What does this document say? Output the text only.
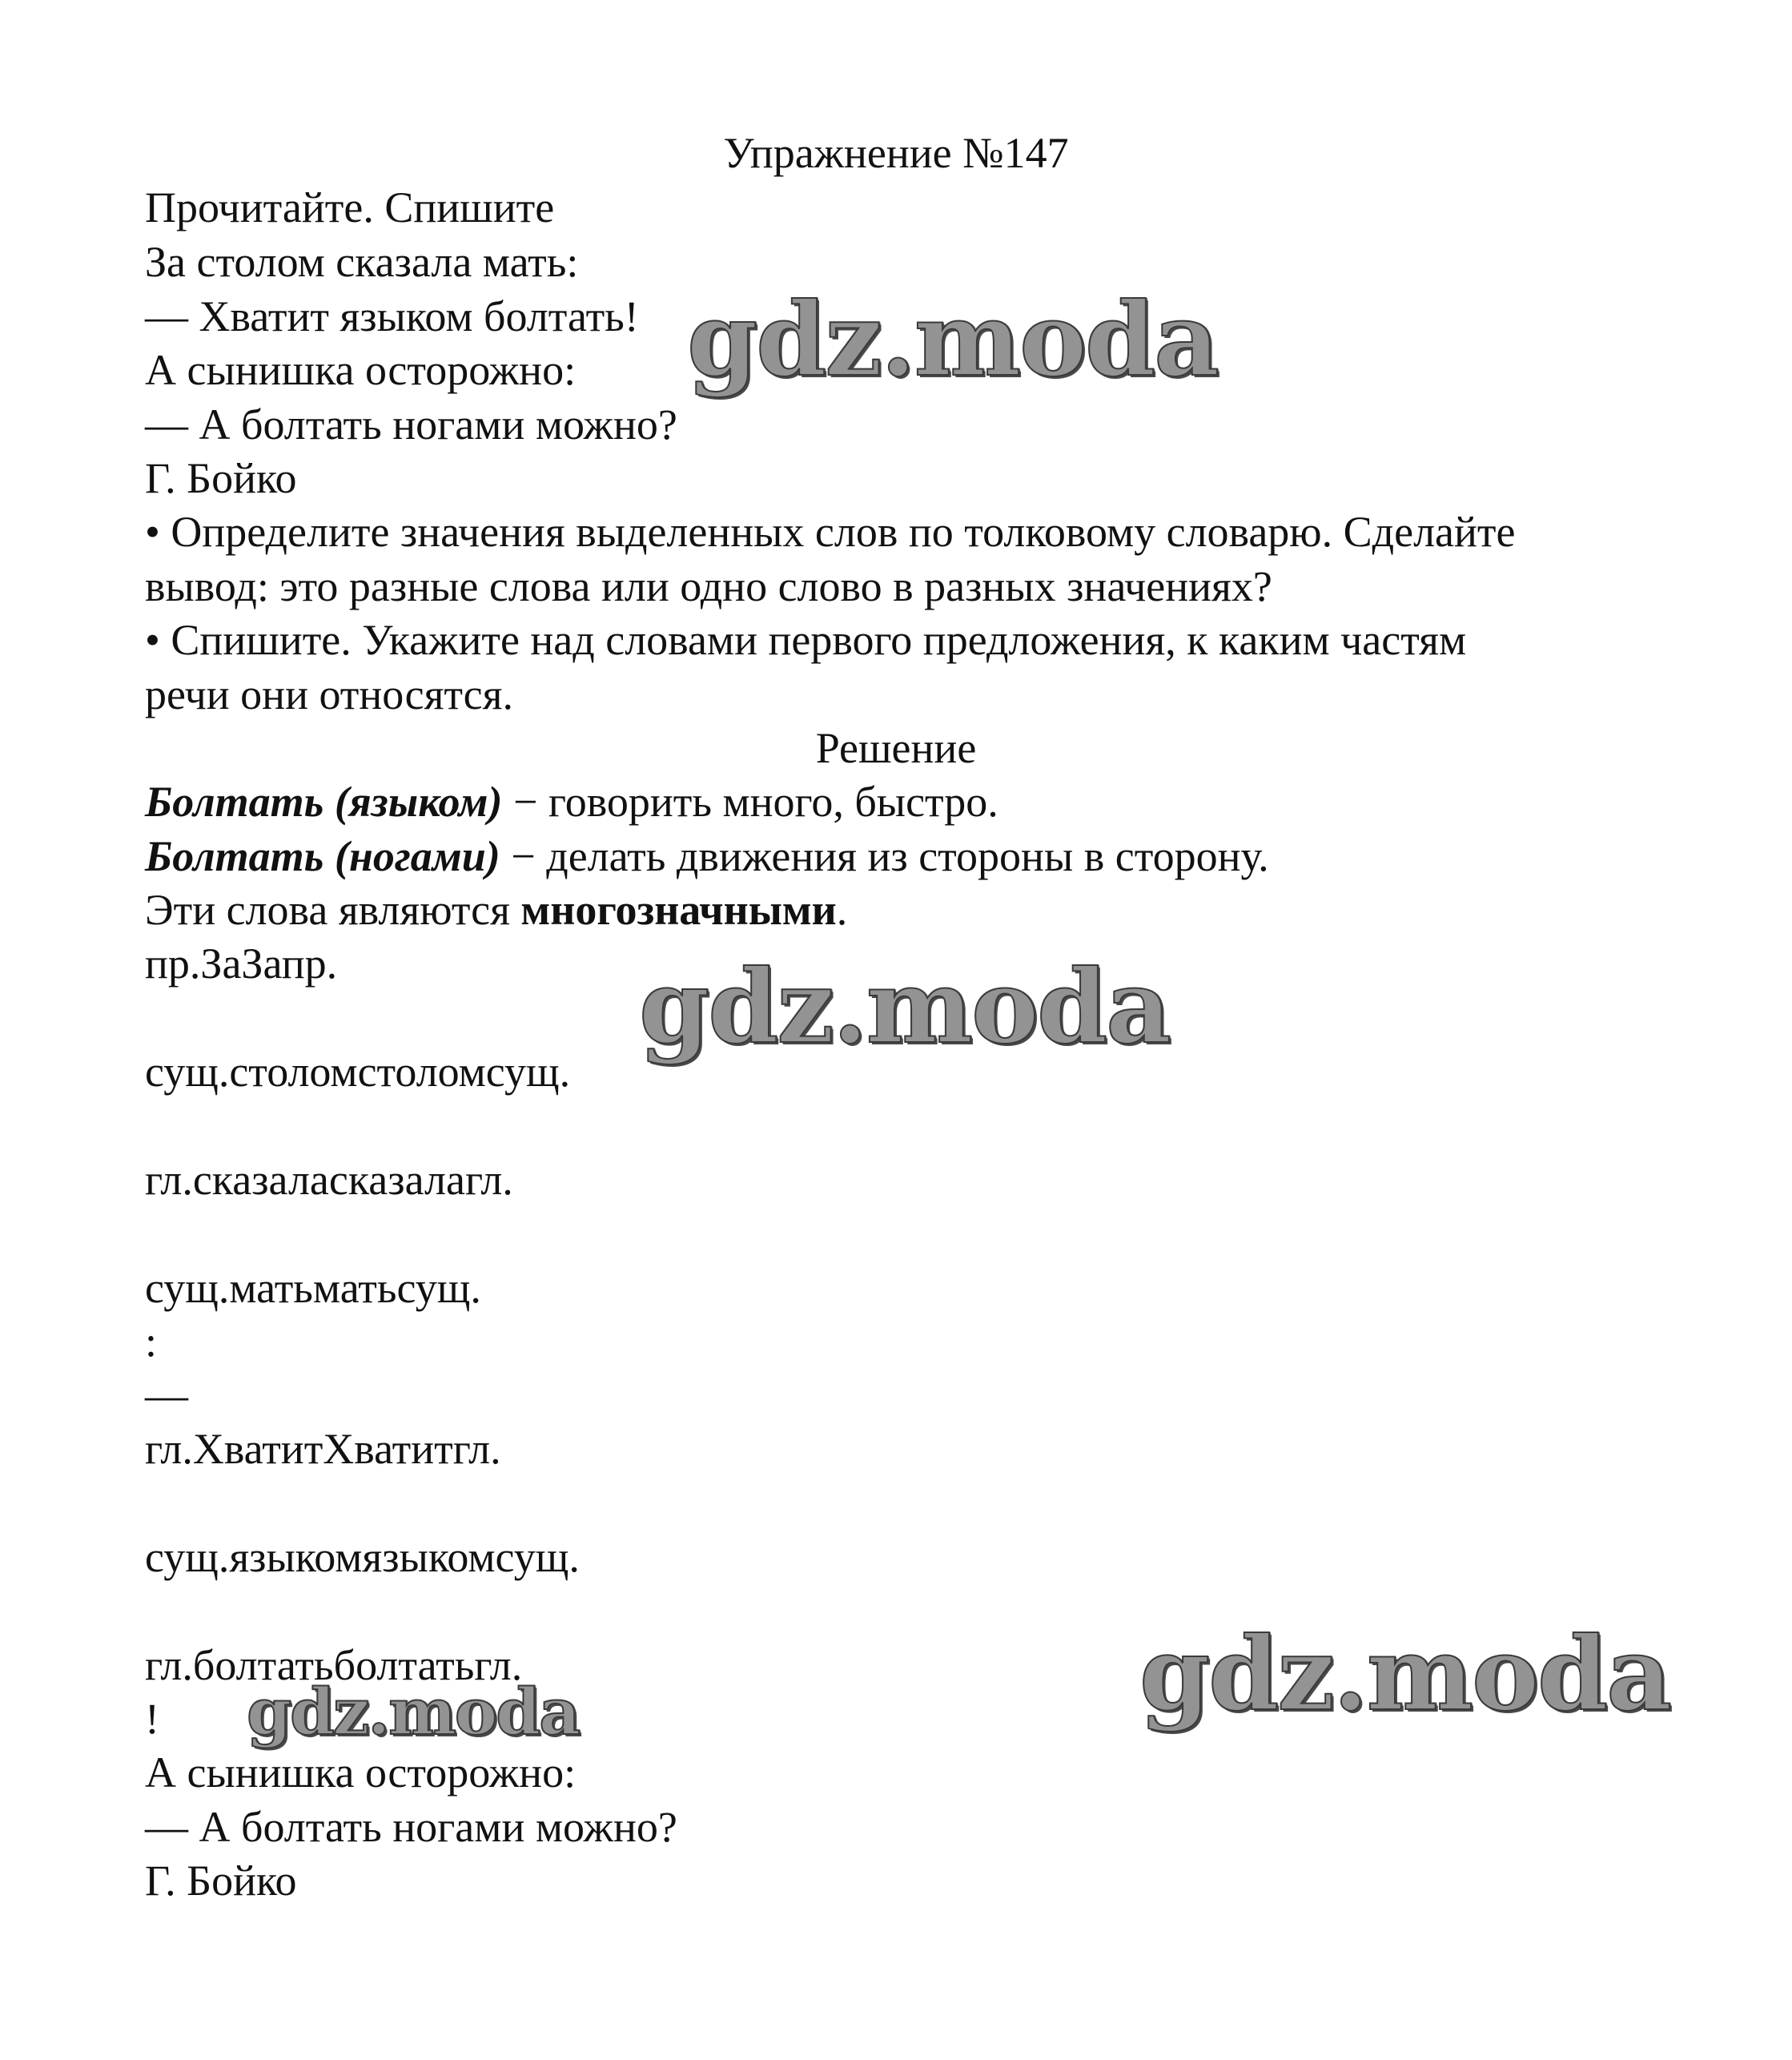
Упражнение №147
Прочитайте. Спишите
За столом сказала мать:
— Хватит языком болтать!
А сынишка осторожно:
— А болтать ногами можно?
Г. Бойко
• Определите значения выделенных слов по толковому словарю. Сделайте
вывод: это разные слова или одно слово в разных значениях?
• Спишите. Укажите над словами первого предложения, к каким частям
речи они относятся.
Решение
Болтать (языком) − говорить много, быстро.
Болтать (ногами) − делать движения из стороны в сторону.
Эти слова являются многозначными.
пр.ЗаЗапр.
сущ.столомстоломсущ.
гл.сказаласказалагл.
сущ.матьматьсущ.
:
—
гл.ХватитХватитгл.
сущ.языкомязыкомсущ.
гл.болтатьболтатьгл.
!
А сынишка осторожно:
— А болтать ногами можно?
Г. Бойко
gdz.moda
gdz.moda
gdz.moda
gdz.moda
